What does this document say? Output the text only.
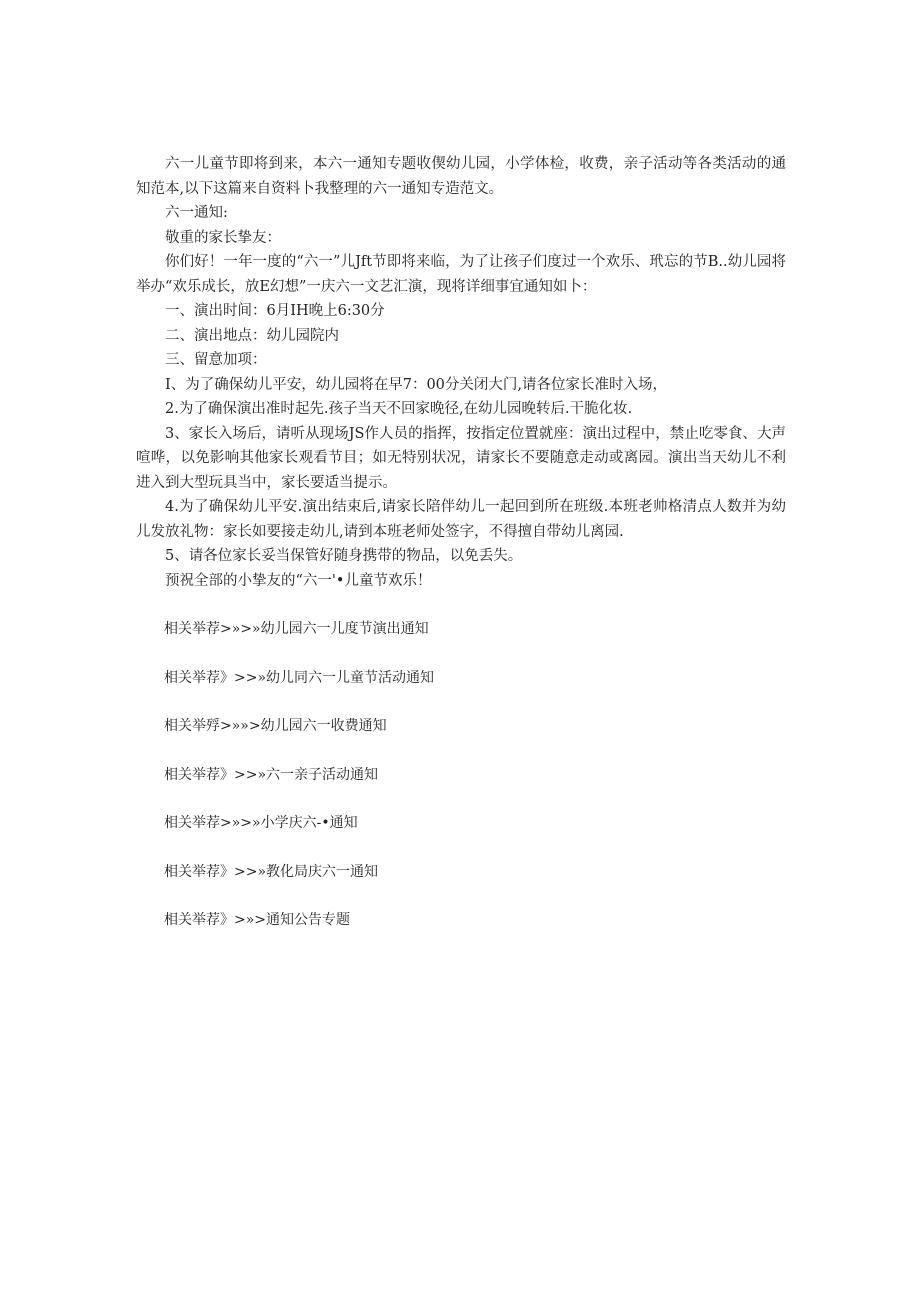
六一儿童节即将到来，本六一通知专题收偰幼儿园，小学体检，收费，亲子活动等各类活动的通知范本,以下这篇来自资料卜我整理的六一通知专造范文。

六一通知:

敬重的家长挚友：

你们好！一年一度的“六一”儿Jft节即将来临，为了让孩子们度过一个欢乐、玳忘的节B..幼儿园将举办“欢乐成长，放E幻想”一庆六一文艺汇演，现将详细事宜通知如卜：

一、演出时间：6月IH晚上6:30分

二、演出地点：幼儿园院内

三、留意加项：

I、为了确保幼儿平安，幼儿园将在早7：00分关闭大门,请各位家长准时入场，

2.为了确保演出准时起先.孩子当天不回家晚径,在幼儿园晚转后.干脆化妆.

3、家长入场后，请听从现场JS作人员的指挥，按指定位置就座：演出过程中，禁止吃零食、大声喧哗，以免影响其他家长观看节目；如无特别状况，请家长不要随意走动或离园。演出当天幼儿不利进入到大型玩具当中，家长要适当提示。

4.为了确保幼儿平安.演出结束后,请家长陪伴幼儿一起回到所在班级.本班老帅格清点人数并为幼儿发放礼物：家长如要接走幼儿,请到本班老师处签字，不得擅自带幼儿离园.

5、请各位家长妥当保管好随身携带的物品，以免丢失。

预祝全部的小挚友的“六一'•儿童节欢乐！

相关举荐>»>»幼儿园六一儿度节演出通知
相关举荐》>>»幼儿同六一儿童节活动通知
相关举殍>»»>幼儿园六一收费通知
相关举荐》>>»六一亲子活动通知
相关举荐>»>»小学庆六-•通知
相关举荐》>>»教化局庆六一通知
相关举荐》>»>通知公告专题
